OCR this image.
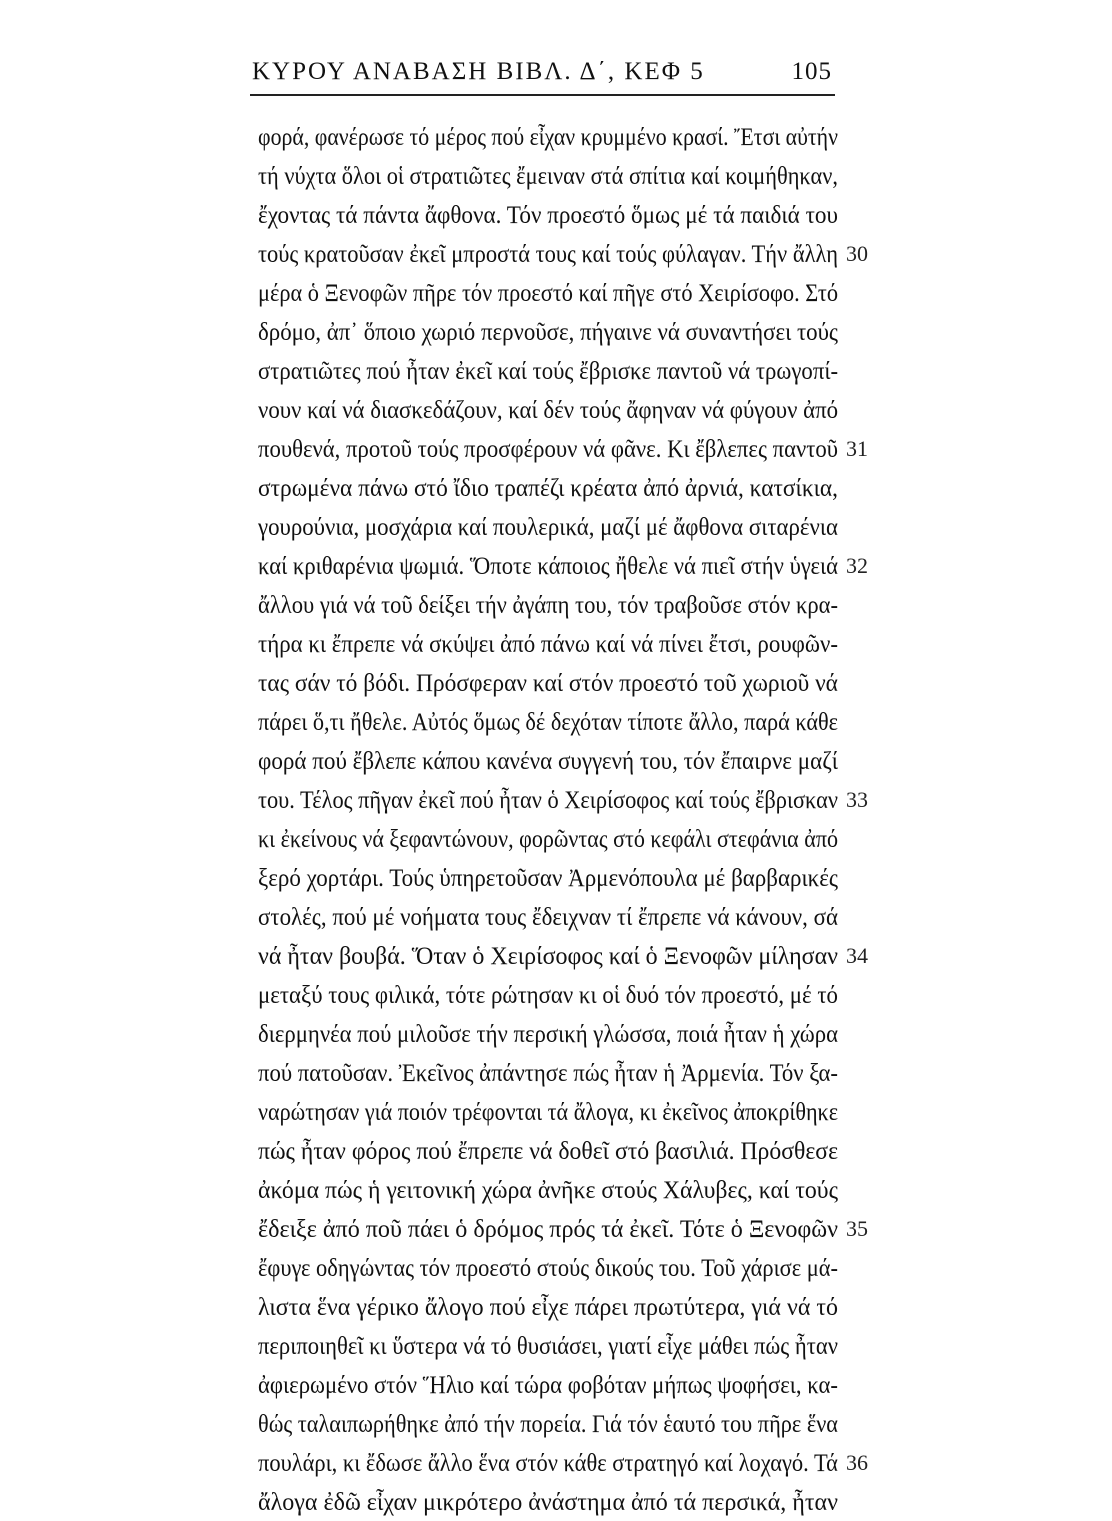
ΚΥΡΟΥ ΑΝΑΒΑΣΗ ΒΙΒΛ. Δ΄, ΚΕΦ 5	105
φορά, φανέρωσε τό μέρος πού εἶχαν κρυμμένο κρασί. Ἔτσι αὐτήν
τή νύχτα ὅλοι οἱ στρατιῶτες ἔμειναν στά σπίτια καί κοιμήθηκαν,
ἔχοντας τά πάντα ἄφθονα. Τόν προεστό ὅμως μέ τά παιδιά του
τούς κρατοῦσαν ἐκεῖ μπροστά τους καί τούς φύλαγαν. Τήν ἄλλη 30
μέρα ὁ Ξενοφῶν πῆρε τόν προεστό καί πῆγε στό Χειρίσοφο. Στό
δρόμο, ἀπ᾿ ὅποιο χωριό περνοῦσε, πήγαινε νά συναντήσει τούς
στρατιῶτες πού ἦταν ἐκεῖ καί τούς ἔβρισκε παντοῦ νά τρωγοπί-
νουν καί νά διασκεδάζουν, καί δέν τούς ἄφηναν νά φύγουν ἀπό
πουθενά, προτοῦ τούς προσφέρουν νά φᾶνε. Κι ἔβλεπες παντοῦ 31
στρωμένα πάνω στό ἴδιο τραπέζι κρέατα ἀπό ἀρνιά, κατσίκια,
γουρούνια, μοσχάρια καί πουλερικά, μαζί μέ ἄφθονα σιταρένια
καί κριθαρένια ψωμιά. Ὅποτε κάποιος ἤθελε νά πιεῖ στήν ὑγειά 32
ἄλλου γιά νά τοῦ δείξει τήν ἀγάπη του, τόν τραβοῦσε στόν κρα-
τήρα κι ἔπρεπε νά σκύψει ἀπό πάνω καί νά πίνει ἔτσι, ρουφῶν-
τας σάν τό βόδι. Πρόσφεραν καί στόν προεστό τοῦ χωριοῦ νά
πάρει ὅ,τι ἤθελε. Αὐτός ὅμως δέ δεχόταν τίποτε ἄλλο, παρά κάθε
φορά πού ἔβλεπε κάπου κανένα συγγενή του, τόν ἔπαιρνε μαζί
του. Τέλος πῆγαν ἐκεῖ πού ἦταν ὁ Χειρίσοφος καί τούς ἔβρισκαν 33
κι ἐκείνους νά ξεφαντώνουν, φορῶντας στό κεφάλι στεφάνια ἀπό
ξερό χορτάρι. Τούς ὑπηρετοῦσαν Ἀρμενόπουλα μέ βαρβαρικές
στολές, πού μέ νοήματα τους ἔδειχναν τί ἔπρεπε νά κάνουν, σά
νά ἦταν βουβά. Ὅταν ὁ Χειρίσοφος καί ὁ Ξενοφῶν μίλησαν 34
μεταξύ τους φιλικά, τότε ρώτησαν κι οἱ δυό τόν προεστό, μέ τό
διερμηνέα πού μιλοῦσε τήν περσική γλώσσα, ποιά ἦταν ἡ χώρα
πού πατοῦσαν. Ἐκεῖνος ἀπάντησε πώς ἦταν ἡ Ἀρμενία. Τόν ξα-
ναρώτησαν γιά ποιόν τρέφονται τά ἄλογα, κι ἐκεῖνος ἀποκρίθηκε
πώς ἦταν φόρος πού ἔπρεπε νά δοθεῖ στό βασιλιά. Πρόσθεσε
ἀκόμα πώς ἡ γειτονική χώρα ἀνῆκε στούς Χάλυβες, καί τούς
ἔδειξε ἀπό ποῦ πάει ὁ δρόμος πρός τά ἐκεῖ. Τότε ὁ Ξενοφῶν 35
ἔφυγε οδηγώντας τόν προεστό στούς δικούς του. Τοῦ χάρισε μά-
λιστα ἕνα γέρικο ἄλογο πού εἶχε πάρει πρωτύτερα, γιά νά τό
περιποιηθεῖ κι ὕστερα νά τό θυσιάσει, γιατί εἶχε μάθει πώς ἦταν
ἀφιερωμένο στόν Ἥλιο καί τώρα φοβόταν μήπως ψοφήσει, κα-
θώς ταλαιπωρήθηκε ἀπό τήν πορεία. Γιά τόν ἑαυτό του πῆρε ἕνα
πουλάρι, κι ἔδωσε ἄλλο ἕνα στόν κάθε στρατηγό καί λοχαγό. Τά 36
ἄλογα ἐδῶ εἶχαν μικρότερο ἀνάστημα ἀπό τά περσικά, ἦταν
